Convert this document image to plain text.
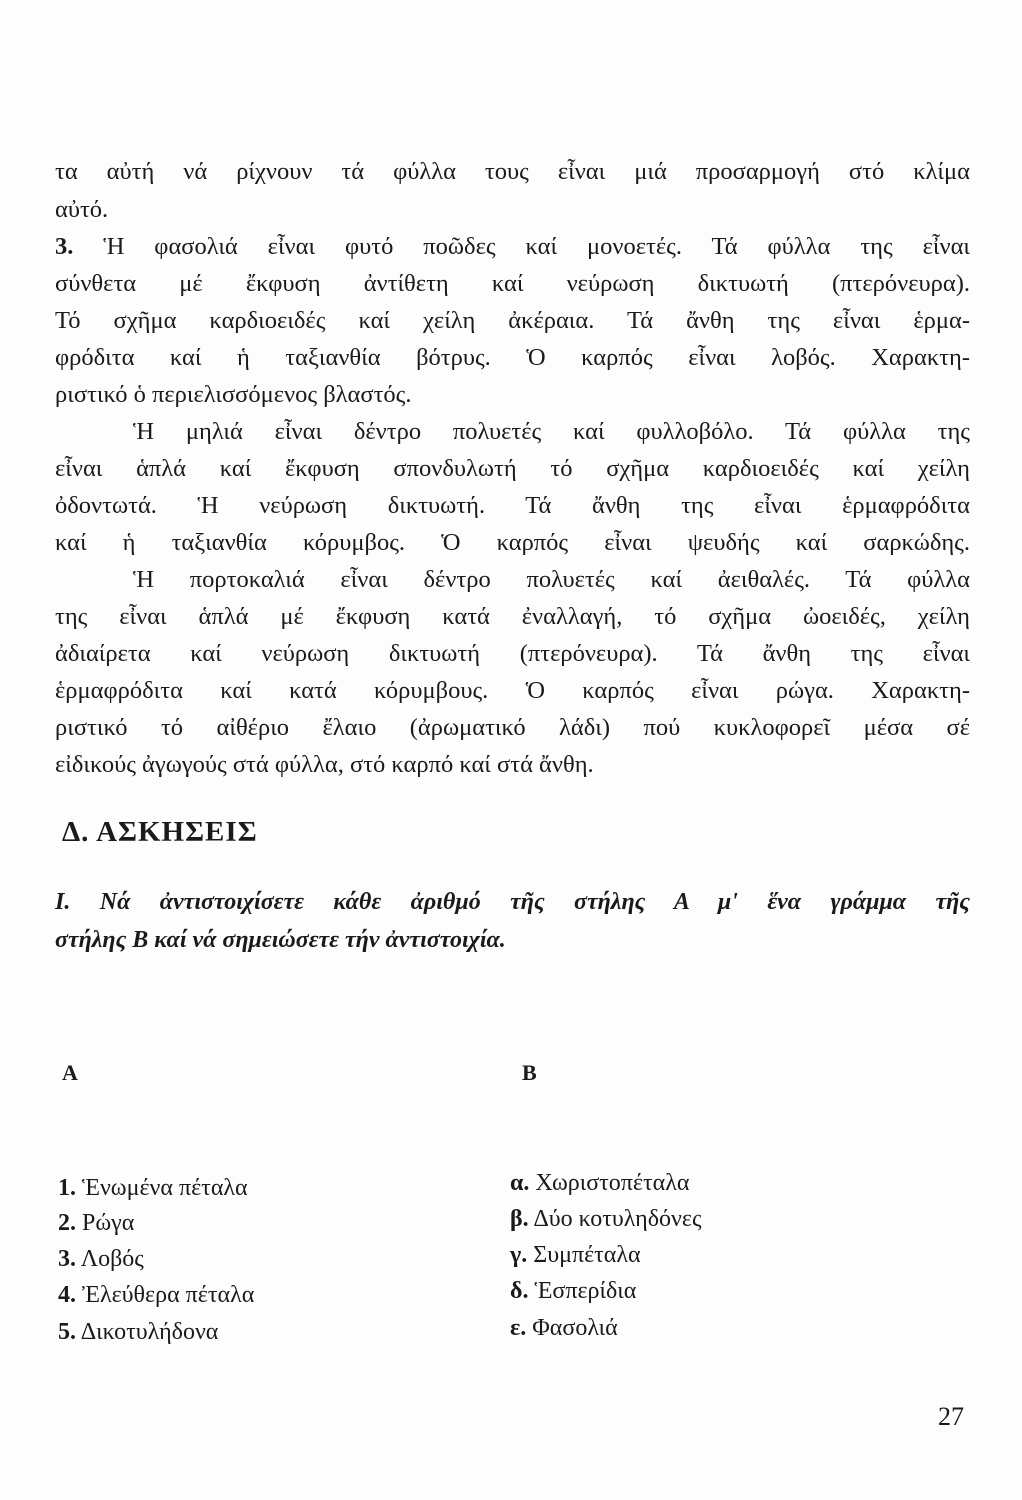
τα αὐτή νά ρίχνουν τά φύλλα τους εἶναι μιά προσαρμογή στό κλίμα
αὐτό.
3. Ἡ φασολιά εἶναι φυτό ποῶδες καί μονοετές. Τά φύλλα της εἶναι
σύνθετα μέ ἔκφυση ἀντίθετη καί νεύρωση δικτυωτή (πτερόνευρα).
Τό σχῆμα καρδιοειδές καί χείλη ἀκέραια. Τά ἄνθη της εἶναι ἑρμα-
φρόδιτα καί ἡ ταξιανθία βότρυς. Ὁ καρπός εἶναι λοβός. Χαρακτη-
ριστικό ὁ περιελισσόμενος βλαστός.
Ἡ μηλιά εἶναι δέντρο πολυετές καί φυλλοβόλο. Τά φύλλα της
εἶναι ἁπλά καί ἔκφυση σπονδυλωτή τό σχῆμα καρδιοειδές καί χείλη
ὀδοντωτά. Ἡ νεύρωση δικτυωτή. Τά ἄνθη της εἶναι ἑρμαφρόδιτα
καί ἡ ταξιανθία κόρυμβος. Ὁ καρπός εἶναι ψευδής καί σαρκώδης.
Ἡ πορτοκαλιά εἶναι δέντρο πολυετές καί ἀειθαλές. Τά φύλλα
της εἶναι ἁπλά μέ ἔκφυση κατά ἐναλλαγή, τό σχῆμα ὠοειδές, χείλη
ἀδιαίρετα καί νεύρωση δικτυωτή (πτερόνευρα). Τά ἄνθη της εἶναι
ἑρμαφρόδιτα καί κατά κόρυμβους. Ὁ καρπός εἶναι ρώγα. Χαρακτη-
ριστικό τό αἰθέριο ἔλαιο (ἀρωματικό λάδι) πού κυκλοφορεῖ μέσα σέ
εἰδικούς ἀγωγούς στά φύλλα, στό καρπό καί στά ἄνθη.
Δ. ΑΣΚΗΣΕΙΣ
I. Νά ἀντιστοιχίσετε κάθε ἀριθμό τῆς στήλης Α μ' ἕνα γράμμα τῆς
στήλης Β καί νά σημειώσετε τήν ἀντιστοιχία.
Α	Β
1. Ἑνωμένα πέταλα
2. Ρώγα
3. Λοβός
4. Ἐλεύθερα πέταλα
5. Δικοτυλήδονα
α. Χωριστοπέταλα
β. Δύο κοτυληδόνες
γ. Συμπέταλα
δ. Ἑσπερίδια
ε. Φασολιά
27
